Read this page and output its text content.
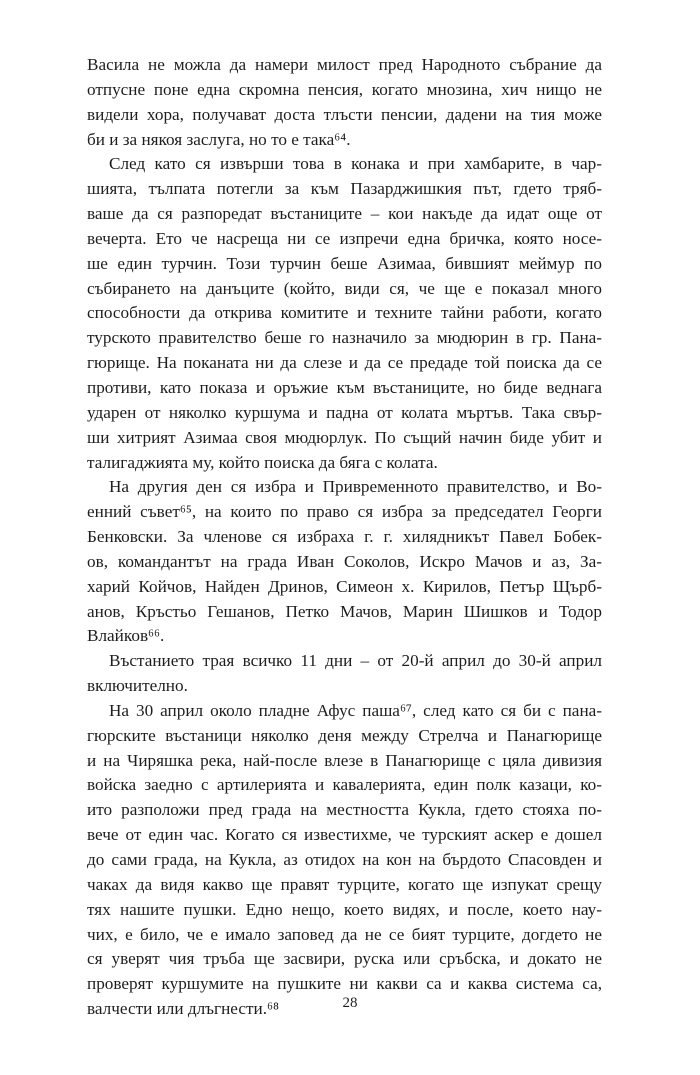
Васила не можла да намери милост пред Народното събрание да
отпусне поне една скромна пенсия, когато мнозина, хич нищо не
видели хора, получават доста тлъсти пенсии, дадени на тия може
би и за някоя заслуга, но то е така⁶⁴.
След като ся извърши това в конака и при хамбарите, в чар-
шията, тълпата потегли за към Пазарджишкия път, гдето тряб-
ваше да ся разпоредат въстаниците – кои накъде да идат още от
вечерта. Ето че насреща ни се изпречи една бричка, която носе-
ше един турчин. Този турчин беше Азимаа, бившият меймур по
събирането на данъците (който, види ся, че ще е показал много
способности да открива комитите и техните тайни работи, когато
турското правителство беше го назначило за мюдюрин в гр. Пана-
гюрище. На поканата ни да слезе и да се предаде той поиска да се
противи, като показа и оръжие към въстаниците, но биде веднага
ударен от няколко куршума и падна от колата мъртъв. Така свър-
ши хитрият Азимаа своя мюдюрлук. По същий начин биде убит и
талигаджията му, който поиска да бяга с колата.
На другия ден ся избра и Привременното правителство, и Во-
енний съвет⁶⁵, на които по право ся избра за председател Георги
Бенковски. За членове ся избраха г. г. хилядникът Павел Бобек-
ов, командантът на града Иван Соколов, Искро Мачов и аз, За-
харий Койчов, Найден Дринов, Симеон х. Кирилов, Петър Щърб-
анов, Кръстьо Гешанов, Петко Мачов, Марин Шишков и Тодор
Влайков⁶⁶.
Въстанието трая всичко 11 дни – от 20-й април до 30-й април
включително.
На 30 април около пладне Афус паша⁶⁷, след като ся би с пана-
гюрските въстаници няколко деня между Стрелча и Панагюрище
и на Чиряшка река, най-после влезе в Панагюрище с цяла дивизия
войска заедно с артилерията и кавалерията, един полк казаци, ко-
ито разположи пред града на местността Кукла, гдето стояха по-
вече от един час. Когато ся известихме, че турският аскер е дошел
до сами града, на Кукла, аз отидох на кон на бърдото Спасовден и
чаках да видя какво ще правят турците, когато ще изпукат срещу
тях нашите пушки. Едно нещо, което видях, и после, което нау-
чих, е било, че е имало заповед да не се бият турците, догдето не
ся уверят чия тръба ще засвири, руска или сръбска, и докато не
проверят куршумите на пушките ни какви са и каква система са,
валчести или длъгнести.⁶⁸	28
